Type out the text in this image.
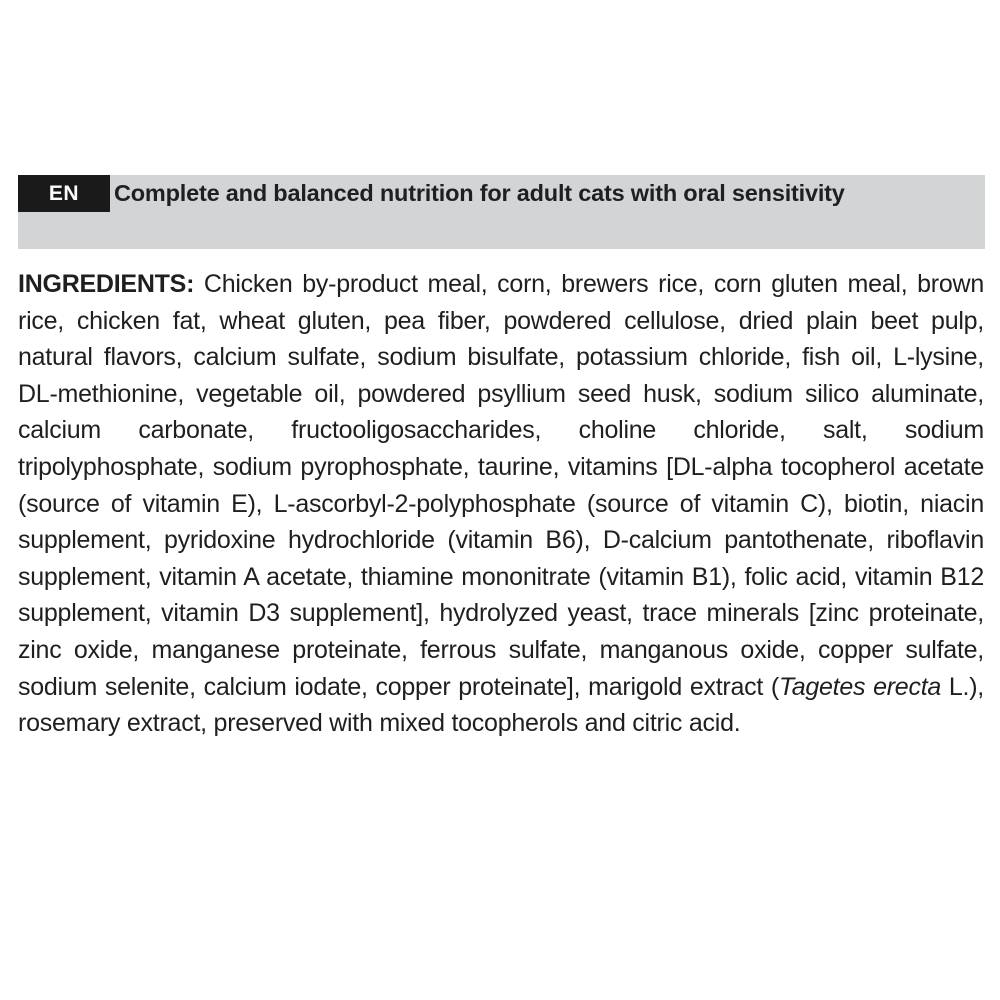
EN	Complete and balanced nutrition for adult cats with oral sensitivity
INGREDIENTS: Chicken by-product meal, corn, brewers rice, corn gluten meal, brown rice, chicken fat, wheat gluten, pea fiber, powdered cellulose, dried plain beet pulp, natural flavors, calcium sulfate, sodium bisulfate, potassium chloride, fish oil, L-lysine, DL-methionine, vegetable oil, powdered psyllium seed husk, sodium silico aluminate, calcium carbonate, fructooligosaccharides, choline chloride, salt, sodium tripolyphosphate, sodium pyrophosphate, taurine, vitamins [DL-alpha tocopherol acetate (source of vitamin E), L-ascorbyl-2-polyphosphate (source of vitamin C), biotin, niacin supplement, pyridoxine hydrochloride (vitamin B6), D-calcium pantothenate, riboflavin supplement, vitamin A acetate, thiamine mononitrate (vitamin B1), folic acid, vitamin B12 supplement, vitamin D3 supplement], hydrolyzed yeast, trace minerals [zinc proteinate, zinc oxide, manganese proteinate, ferrous sulfate, manganous oxide, copper sulfate, sodium selenite, calcium iodate, copper proteinate], marigold extract (Tagetes erecta L.), rosemary extract, preserved with mixed tocopherols and citric acid.
